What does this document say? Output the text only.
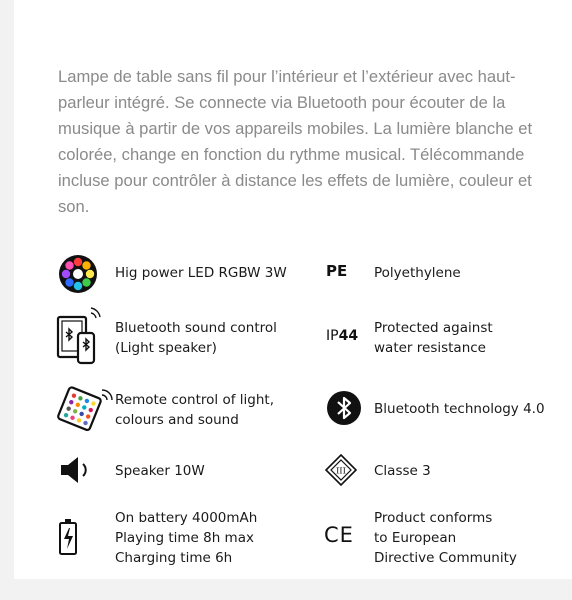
Lampe de table sans fil pour l’intérieur et l’extérieur avec haut-parleur intégré. Se connecte via Bluetooth pour écouter de la musique à partir de vos appareils mobiles. La lumière blanche et colorée, change en fonction du rythme musical. Télécommande incluse pour contrôler à distance les effets de lumière, couleur et son.

Hig power LED RGBW 3W
Bluetooth sound control
(Light speaker)
Remote control of light,
colours and sound
Speaker 10W
On battery 4000mAh
Playing time 8h max
Charging time 6h
PE Polyethylene
IP44 Protected against
water resistance
Bluetooth technology 4.0
III Classe 3
CE
Product conforms
to European
Directive Community
